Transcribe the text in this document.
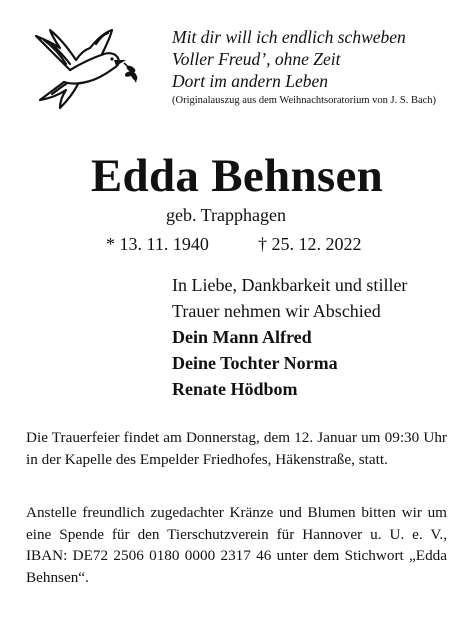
Mit dir will ich endlich schweben
Voller Freud’, ohne Zeit
Dort im andern Leben
(Originalauszug aus dem Weihnachtsoratorium von J. S. Bach)
Edda Behnsen
geb. Trapphagen
* 13. 11. 1940	† 25. 12. 2022
In Liebe, Dankbarkeit und stiller
Trauer nehmen wir Abschied
Dein Mann Alfred
Deine Tochter Norma
Renate Hödbom
Die Trauerfeier findet am Donnerstag, dem 12. Januar um 09:30 Uhr in der Kapelle des Empelder Friedhofes, Häkenstraße, statt.
Anstelle freundlich zugedachter Kränze und Blumen bitten wir um eine Spende für den Tierschutzverein für Hannover u. U. e. V., IBAN: DE72 2506 0180 0000 2317 46 unter dem Stichwort „Edda Behnsen“.
